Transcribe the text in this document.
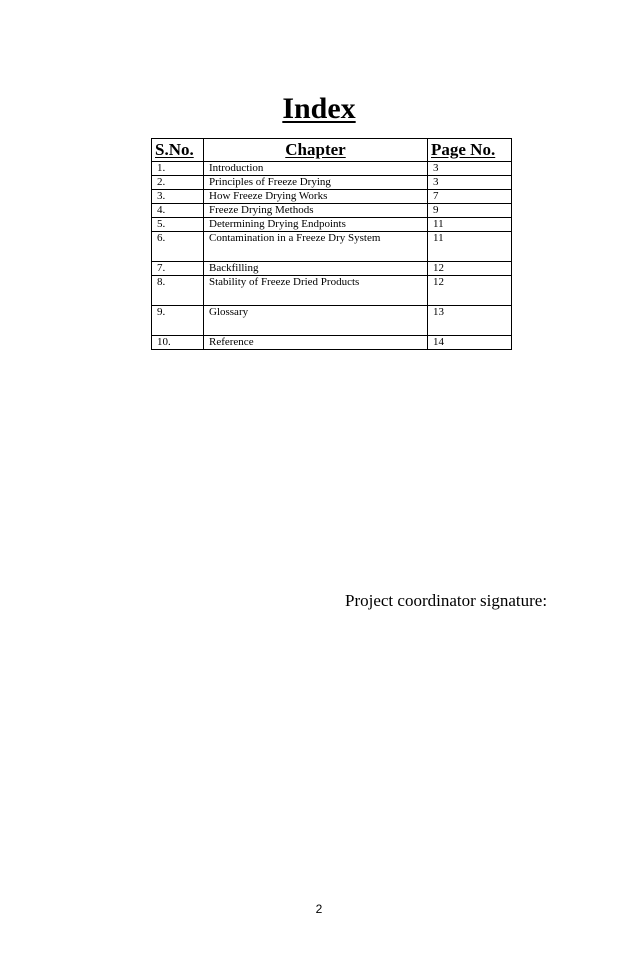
Index
S.No.	Chapter	Page No.
1.	Introduction	3
2.	Principles of Freeze Drying	3
3.	How Freeze Drying Works	7
4.	Freeze Drying Methods	9
5.	Determining Drying Endpoints	11
6.	Contamination in a Freeze Dry System	11
7.	Backfilling	12
8.	Stability of Freeze Dried Products	12
9.	Glossary	13
10.	Reference	14
Project coordinator signature:
2
